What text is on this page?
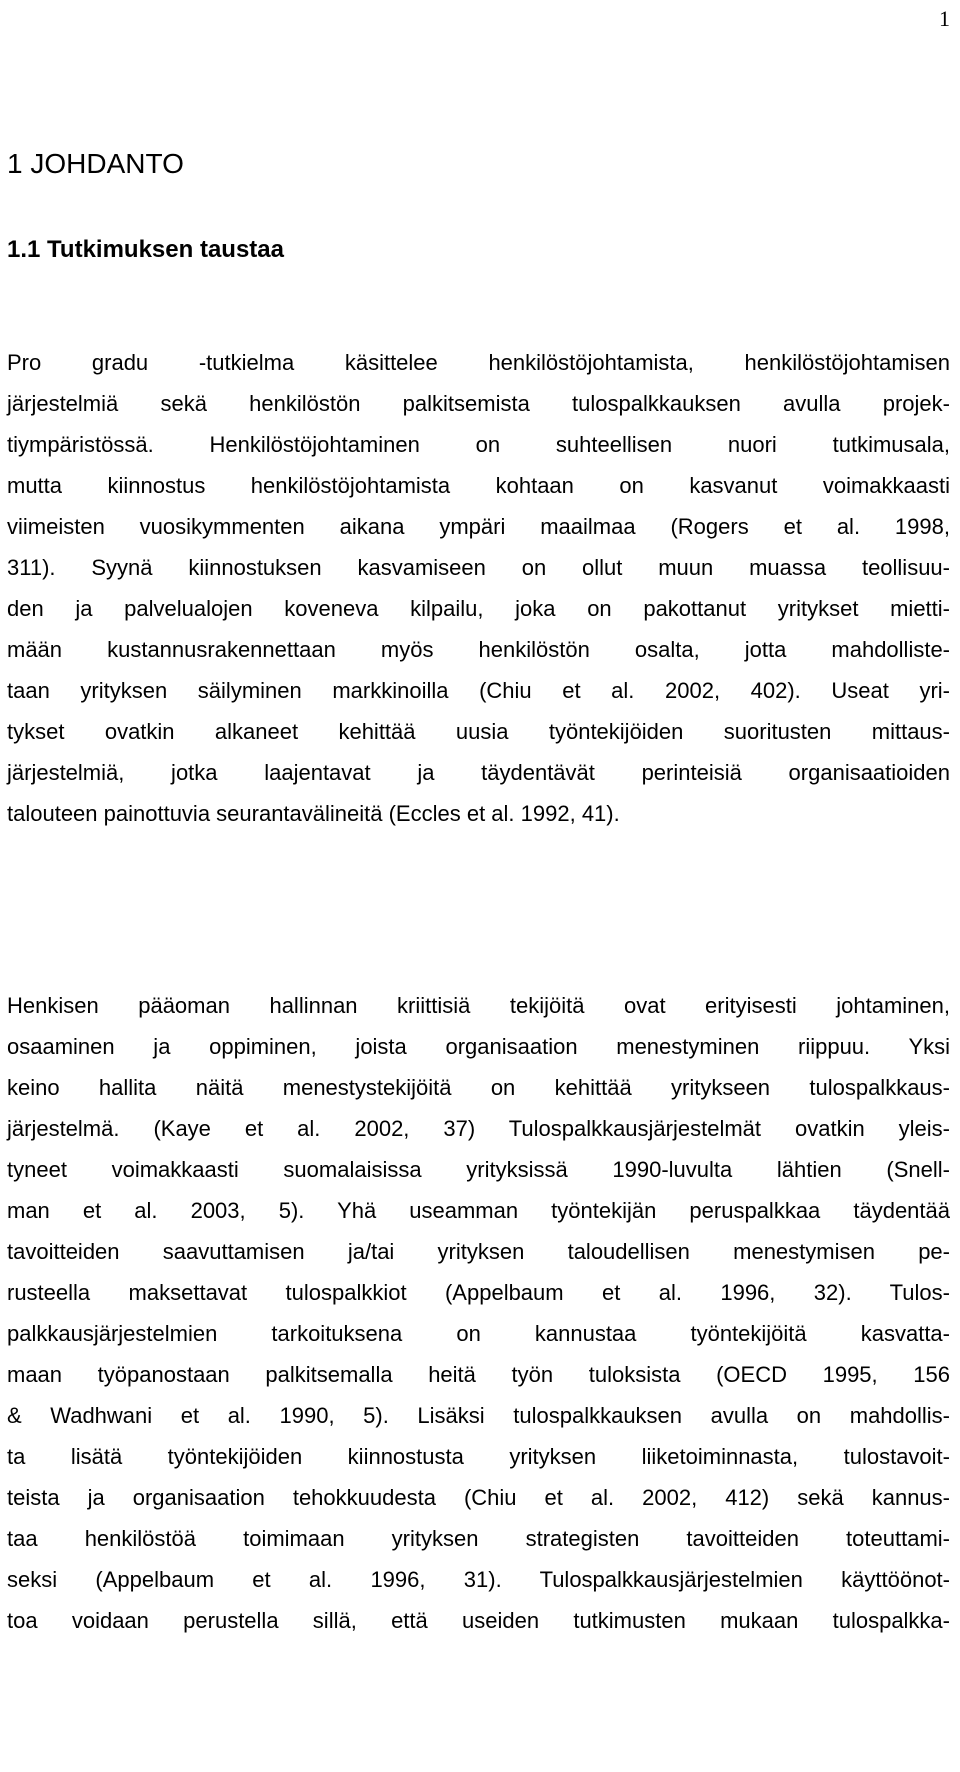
1
1 JOHDANTO
1.1 Tutkimuksen taustaa
Pro gradu -tutkielma käsittelee henkilöstöjohtamista, henkilöstöjohtamisen
järjestelmiä sekä henkilöstön palkitsemista tulospalkkauksen avulla projek-
tiympäristössä. Henkilöstöjohtaminen on suhteellisen nuori tutkimusala,
mutta kiinnostus henkilöstöjohtamista kohtaan on kasvanut voimakkaasti
viimeisten vuosikymmenten aikana ympäri maailmaa (Rogers et al. 1998,
311). Syynä kiinnostuksen kasvamiseen on ollut muun muassa teollisuu-
den ja palvelualojen koveneva kilpailu, joka on pakottanut yritykset mietti-
mään kustannusrakennettaan myös henkilöstön osalta, jotta mahdolliste-
taan yrityksen säilyminen markkinoilla (Chiu et al. 2002, 402). Useat yri-
tykset ovatkin alkaneet kehittää uusia työntekijöiden suoritusten mittaus-
järjestelmiä, jotka laajentavat ja täydentävät perinteisiä organisaatioiden
talouteen painottuvia seurantavälineitä (Eccles et al. 1992, 41).
Henkisen pääoman hallinnan kriittisiä tekijöitä ovat erityisesti johtaminen,
osaaminen ja oppiminen, joista organisaation menestyminen riippuu. Yksi
keino hallita näitä menestystekijöitä on kehittää yritykseen tulospalkkaus-
järjestelmä. (Kaye et al. 2002, 37) Tulospalkkausjärjestelmät ovatkin yleis-
tyneet voimakkaasti suomalaisissa yrityksissä 1990-luvulta lähtien (Snell-
man et al. 2003, 5). Yhä useamman työntekijän peruspalkkaa täydentää
tavoitteiden saavuttamisen ja/tai yrityksen taloudellisen menestymisen pe-
rusteella maksettavat tulospalkkiot (Appelbaum et al. 1996, 32). Tulos-
palkkausjärjestelmien tarkoituksena on kannustaa työntekijöitä kasvatta-
maan työpanostaan palkitsemalla heitä työn tuloksista (OECD 1995, 156
& Wadhwani et al. 1990, 5). Lisäksi tulospalkkauksen avulla on mahdollis-
ta lisätä työntekijöiden kiinnostusta yrityksen liiketoiminnasta, tulostavoit-
teista ja organisaation tehokkuudesta (Chiu et al. 2002, 412) sekä kannus-
taa henkilöstöä toimimaan yrityksen strategisten tavoitteiden toteuttami-
seksi (Appelbaum et al. 1996, 31). Tulospalkkausjärjestelmien käyttöönot-
toa voidaan perustella sillä, että useiden tutkimusten mukaan tulospalkka-
